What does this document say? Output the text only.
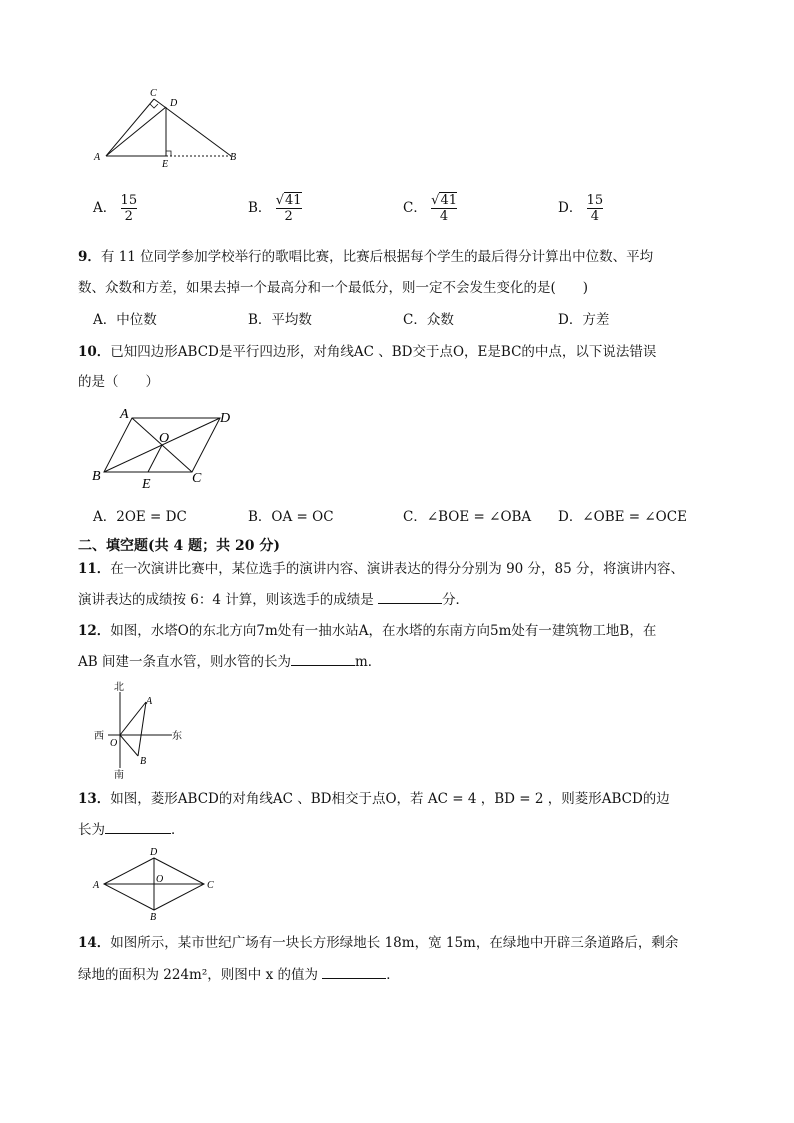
C
D
A
E
B
A． $\frac{15}{2}$	B． $\frac{√41}{2}$	C． $\frac{√41}{4}$	D． $\frac{15}{4}$
9．有 11 位同学参加学校举行的歌唱比赛，比赛后根据每个学生的最后得分计算出中位数、平均
数、众数和方差，如果去掉一个最高分和一个最低分，则一定不会发生变化的是(　　)
A．中位数	B．平均数	C．众数	D．方差
10．已知四边形ABCD是平行四边形，对角线AC 、BD交于点O，E是BC的中点，以下说法错误
的是（　　）
A	D
O
B
E	C
A．2OE = DC	B．OA = OC	C．∠BOE = ∠OBA D．∠OBE = ∠OCE
二、填空题(共 4 题；共 20 分)
11．在一次演讲比赛中，某位选手的演讲内容、演讲表达的得分分别为 90 分，85 分，将演讲内容、
演讲表达的成绩按 6：4 计算，则该选手的成绩是	分．
12．如图，水塔O的东北方向7m处有一抽水站A，在水塔的东南方向5m处有一建筑物工地B，在
AB 间建一条直水管，则水管的长为	m．
北
南
西	东
O
A
B
13．如图，菱形ABCD的对角线AC 、BD相交于点O，若 AC = 4 ，BD = 2 ，则菱形ABCD的边
长为	．
D
A
O
C
B
14．如图所示，某市世纪广场有一块长方形绿地长 18m，宽 15m，在绿地中开辟三条道路后，剩余
绿地的面积为 224m²，则图中 x 的值为	．
